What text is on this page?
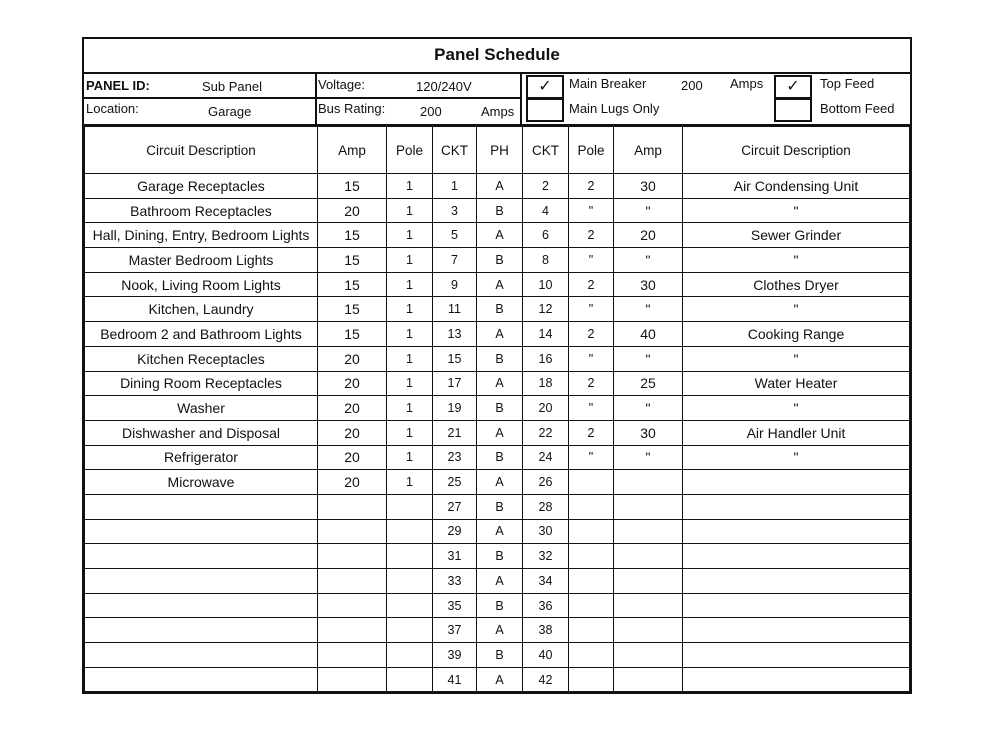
Panel Schedule
PANEL ID:	Sub Panel
Location:	Garage
Voltage:	120/240V
Bus Rating:	200	Amps
✓	Main Breaker	200 Amps
Main Lugs Only
✓	Top Feed
Bottom Feed
Circuit Description	Amp	Pole	CKT	PH	CKT	Pole	Amp	Circuit Description
Garage Receptacles	15	1	1	A	2	2	30	Air Condensing Unit
Bathroom Receptacles	20	1	3	B	4	"	"	"
Hall, Dining, Entry, Bedroom Lights	15	1	5	A	6	2	20	Sewer Grinder
Master Bedroom Lights	15	1	7	B	8	"	"	"
Nook, Living Room Lights	15	1	9	A	10	2	30	Clothes Dryer
Kitchen, Laundry	15	1	11	B	12	"	"	"
Bedroom 2 and Bathroom Lights	15	1	13	A	14	2	40	Cooking Range
Kitchen Receptacles	20	1	15	B	16	"	"	"
Dining Room Receptacles	20	1	17	A	18	2	25	Water Heater
Washer	20	1	19	B	20	"	"	"
Dishwasher and Disposal	20	1	21	A	22	2	30	Air Handler Unit
Refrigerator	20	1	23	B	24	"	"	"
Microwave	20	1	25	A	26			
			27	B	28			
			29	A	30			
			31	B	32			
			33	A	34			
			35	B	36			
			37	A	38			
			39	B	40			
			41	A	42			
